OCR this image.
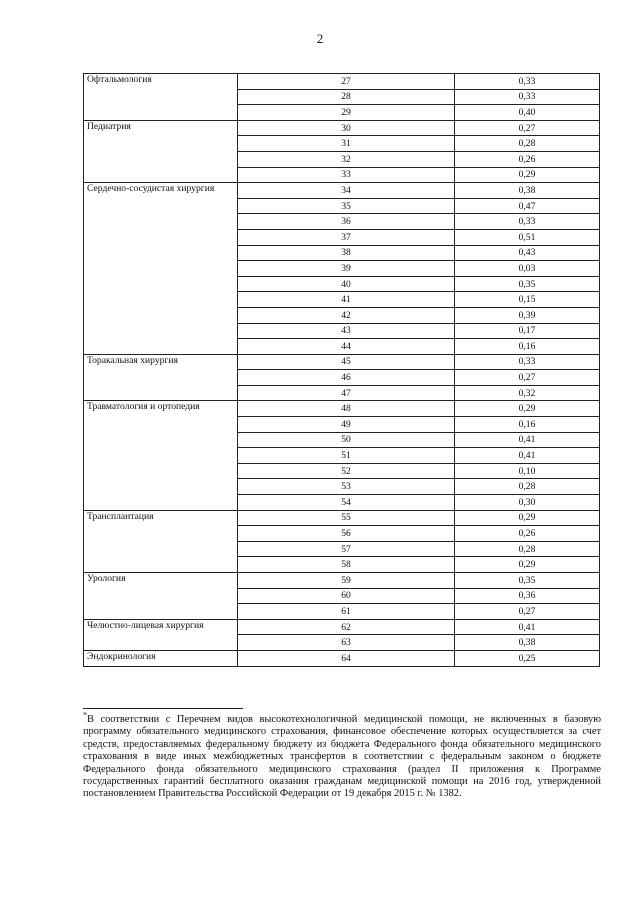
2
Офтальмология	27	0,33
	28	0,33
	29	0,40
Педиатрия	30	0,27
	31	0,28
	32	0,26
	33	0,29
Сердечно-сосудистая хирургия	34	0,38
	35	0,47
	36	0,33
	37	0,51
	38	0,43
	39	0,03
	40	0,35
	41	0,15
	42	0,39
	43	0,17
	44	0,16
Торакальная хирургия	45	0,33
	46	0,27
	47	0,32
Травматология и ортопедия	48	0,29
	49	0,16
	50	0,41
	51	0,41
	52	0,10
	53	0,28
	54	0,30
Трансплантация	55	0,29
	56	0,26
	57	0,28
	58	0,29
Урология	59	0,35
	60	0,36
	61	0,27
Челюстно-лицевая хирургия	62	0,41
	63	0,38
Эндокринология	64	0,25
*В соответствии с Перечнем видов высокотехнологичной медицинской помощи, не включенных в базовую программу обязательного медицинского страхования, финансовое обеспечение которых осуществляется за счет средств, предоставляемых федеральному бюджету из бюджета Федерального фонда обязательного медицинского страхования в виде иных межбюджетных трансфертов в соответствии с федеральным законом о бюджете Федерального фонда обязательного медицинского страхования (раздел II приложения к Программе государственных гарантий бесплатного оказания гражданам медицинской помощи на 2016 год, утвержденной постановлением Правительства Российской Федерации от 19 декабря 2015 г. № 1382.
